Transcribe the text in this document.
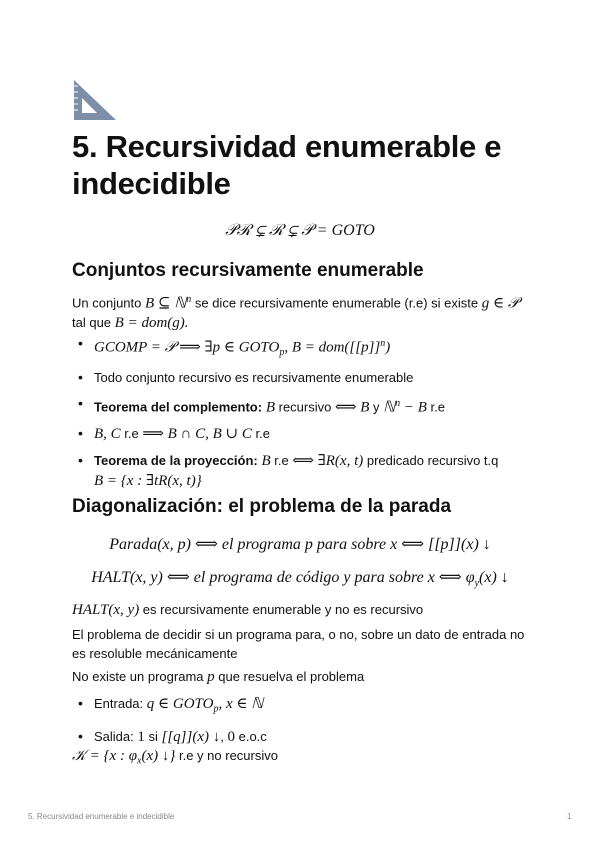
5. Recursividad enumerable e indecidible
𝒫ℛ ⊊ ℛ ⊊ 𝒫 = GOTO
Conjuntos recursivamente enumerable
Un conjunto B ⊆ ℕ$^n$ se dice recursivamente enumerable (r.e) si existe g ∈ 𝒫
tal que B = dom(g).
• GCOMP = 𝒫 ⟹ ∃p ∈ $GOTO_p$, $B = dom([[p]]^n)$
• Todo conjunto recursivo es recursivamente enumerable
• Teorema del complemento: B recursivo ⟺ B y ℕ$^n$ − B r.e
• B, C r.e ⟹ B ∩ C, B ∪ C r.e
• Teorema de la proyección: B r.e ⟺ ∃R(x, t) predicado recursivo t.q
B = {x : ∃tR(x, t)}
Diagonalización: el problema de la parada
Parada(x, p) ⟺ el programa p para sobre x ⟺ [[p]](x) ↓
HALT(x, y) ⟺ el programa de código y para sobre x ⟺ $\varphi_y(x)$ ↓
HALT(x, y) es recursivamente enumerable y no es recursivo
El problema de decidir si un programa para, o no, sobre un dato de entrada no es resoluble mecánicamente
No existe un programa p que resuelva el problema
• Entrada: q ∈ $GOTO_p$, x ∈ ℕ
• Salida: 1 si [[q]](x) ↓, 0 e.o.c
𝒦 = {x : $\varphi_x(x)$ ↓} r.e y no recursivo
5. Recursividad enumerable e indecidible	1
